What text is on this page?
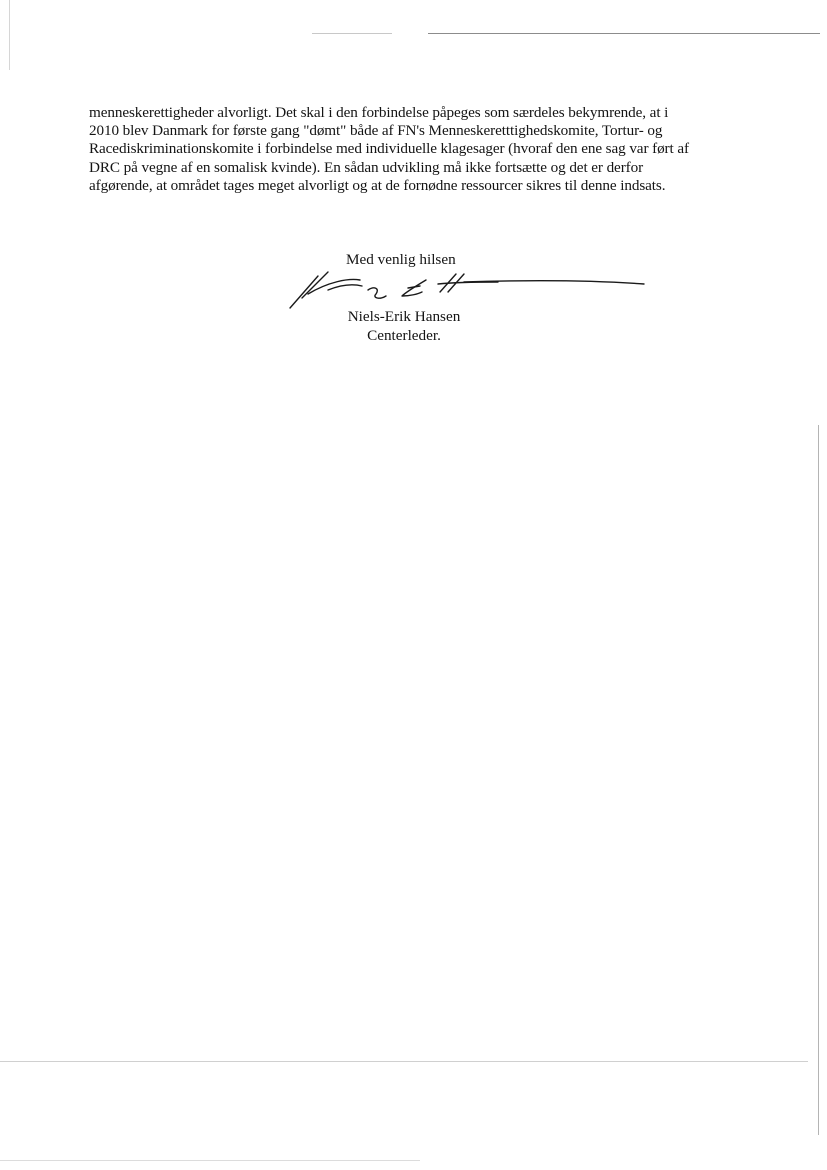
menneskerettigheder alvorligt. Det skal i den forbindelse påpeges som særdeles bekymrende, at i
2010 blev Danmark for første gang "dømt" både af FN's Menneskeretttighedskomite, Tortur- og
Racediskriminationskomite i forbindelse med individuelle klagesager (hvoraf den ene sag var ført af
DRC på vegne af en somalisk kvinde). En sådan udvikling må ikke fortsætte og det er derfor
afgørende, at området tages meget alvorligt og at de fornødne ressourcer sikres til denne indsats.
Med venlig hilsen
Niels-Erik Hansen
Centerleder.
